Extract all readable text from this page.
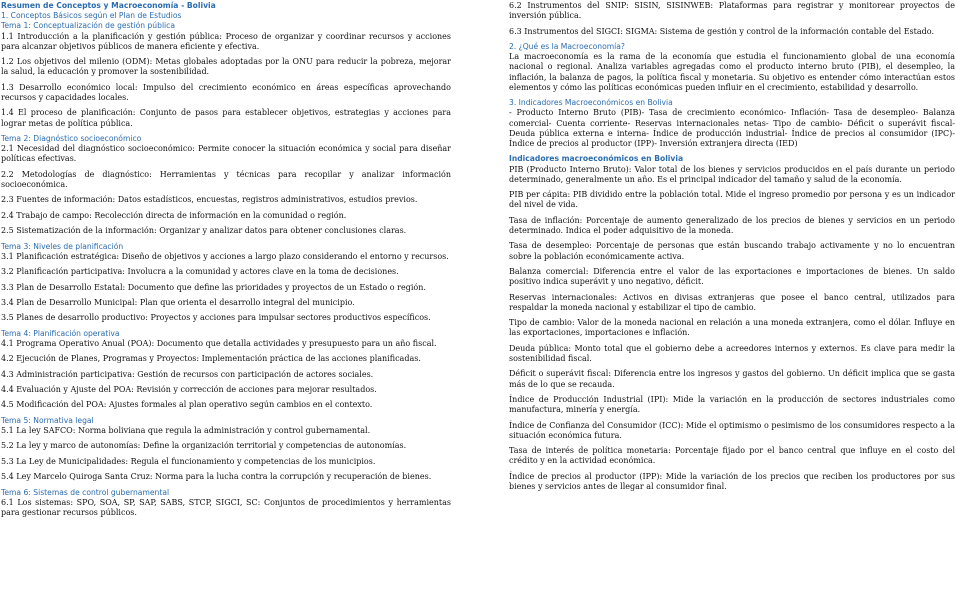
Resumen de Conceptos y Macroeconomía - Bolivia
1. Conceptos Básicos según el Plan de Estudios
Tema 1: Conceptualización de gestión pública

1.1 Introducción a la planificación y gestión pública: Proceso de organizar y coordinar recursos y acciones para alcanzar objetivos públicos de manera eficiente y efectiva.

1.2 Los objetivos del milenio (ODM): Metas globales adoptadas por la ONU para reducir la pobreza, mejorar la salud, la educación y promover la sostenibilidad.

1.3 Desarrollo económico local: Impulso del crecimiento económico en áreas específicas aprovechando recursos y capacidades locales.

1.4 El proceso de planificación: Conjunto de pasos para establecer objetivos, estrategias y acciones para lograr metas de política pública.

Tema 2: Diagnóstico socioeconómico

2.1 Necesidad del diagnóstico socioeconómico: Permite conocer la situación económica y social para diseñar políticas efectivas.

2.2 Metodologías de diagnóstico: Herramientas y técnicas para recopilar y analizar información socioeconómica.

2.3 Fuentes de información: Datos estadísticos, encuestas, registros administrativos, estudios previos.

2.4 Trabajo de campo: Recolección directa de información en la comunidad o región.

2.5 Sistematización de la información: Organizar y analizar datos para obtener conclusiones claras.

Tema 3: Niveles de planificación

3.1 Planificación estratégica: Diseño de objetivos y acciones a largo plazo considerando el entorno y recursos.

3.2 Planificación participativa: Involucra a la comunidad y actores clave en la toma de decisiones.

3.3 Plan de Desarrollo Estatal: Documento que define las prioridades y proyectos de un Estado o región.

3.4 Plan de Desarrollo Municipal: Plan que orienta el desarrollo integral del municipio.

3.5 Planes de desarrollo productivo: Proyectos y acciones para impulsar sectores productivos específicos.

Tema 4: Planificación operativa

4.1 Programa Operativo Anual (POA): Documento que detalla actividades y presupuesto para un año fiscal.

4.2 Ejecución de Planes, Programas y Proyectos: Implementación práctica de las acciones planificadas.

4.3 Administración participativa: Gestión de recursos con participación de actores sociales.

4.4 Evaluación y Ajuste del POA: Revisión y corrección de acciones para mejorar resultados.

4.5 Modificación del POA: Ajustes formales al plan operativo según cambios en el contexto.

Tema 5: Normativa legal

5.1 La ley SAFCO: Norma boliviana que regula la administración y control gubernamental.

5.2 La ley y marco de autonomías: Define la organización territorial y competencias de autonomías.

5.3 La Ley de Municipalidades: Regula el funcionamiento y competencias de los municipios.

5.4 Ley Marcelo Quiroga Santa Cruz: Norma para la lucha contra la corrupción y recuperación de bienes.

Tema 6: Sistemas de control gubernamental

6.1 Los sistemas: SPO, SOA, SP, SAP, SABS, STCP, SIGCI, SC: Conjuntos de procedimientos y herramientas para gestionar recursos públicos.

6.2 Instrumentos del SNIP: SISIN, SISINWEB: Plataformas para registrar y monitorear proyectos de inversión pública.

6.3 Instrumentos del SIGCI: SIGMA: Sistema de gestión y control de la información contable del Estado.

2. ¿Qué es la Macroeconomía?

La macroeconomía es la rama de la economía que estudia el funcionamiento global de una economía nacional o regional. Analiza variables agregadas como el producto interno bruto (PIB), el desempleo, la inflación, la balanza de pagos, la política fiscal y monetaria. Su objetivo es entender cómo interactúan estos elementos y cómo las políticas económicas pueden influir en el crecimiento, estabilidad y desarrollo.

3. Indicadores Macroeconómicos en Bolivia

- Producto Interno Bruto (PIB)- Tasa de crecimiento económico- Inflación- Tasa de desempleo- Balanza comercial- Cuenta corriente- Reservas internacionales netas- Tipo de cambio- Déficit o superávit fiscal- Deuda pública externa e interna- Índice de producción industrial- Índice de precios al consumidor (IPC)- Índice de precios al productor (IPP)- Inversión extranjera directa (IED)

Indicadores macroeconómicos en Bolivia

PIB (Producto Interno Bruto): Valor total de los bienes y servicios producidos en el país durante un periodo determinado, generalmente un año. Es el principal indicador del tamaño y salud de la economía.

PIB per cápita: PIB dividido entre la población total. Mide el ingreso promedio por persona y es un indicador del nivel de vida.

Tasa de inflación: Porcentaje de aumento generalizado de los precios de bienes y servicios en un periodo determinado. Indica el poder adquisitivo de la moneda.

Tasa de desempleo: Porcentaje de personas que están buscando trabajo activamente y no lo encuentran sobre la población económicamente activa.

Balanza comercial: Diferencia entre el valor de las exportaciones e importaciones de bienes. Un saldo positivo indica superávit y uno negativo, déficit.

Reservas internacionales: Activos en divisas extranjeras que posee el banco central, utilizados para respaldar la moneda nacional y estabilizar el tipo de cambio.

Tipo de cambio: Valor de la moneda nacional en relación a una moneda extranjera, como el dólar. Influye en las exportaciones, importaciones e inflación.

Deuda pública: Monto total que el gobierno debe a acreedores internos y externos. Es clave para medir la sostenibilidad fiscal.

Déficit o superávit fiscal: Diferencia entre los ingresos y gastos del gobierno. Un déficit implica que se gasta más de lo que se recauda.

Índice de Producción Industrial (IPI): Mide la variación en la producción de sectores industriales como manufactura, minería y energía.

Índice de Confianza del Consumidor (ICC): Mide el optimismo o pesimismo de los consumidores respecto a la situación económica futura.

Tasa de interés de política monetaria: Porcentaje fijado por el banco central que influye en el costo del crédito y en la actividad económica.

Índice de precios al productor (IPP): Mide la variación de los precios que reciben los productores por sus bienes y servicios antes de llegar al consumidor final.
